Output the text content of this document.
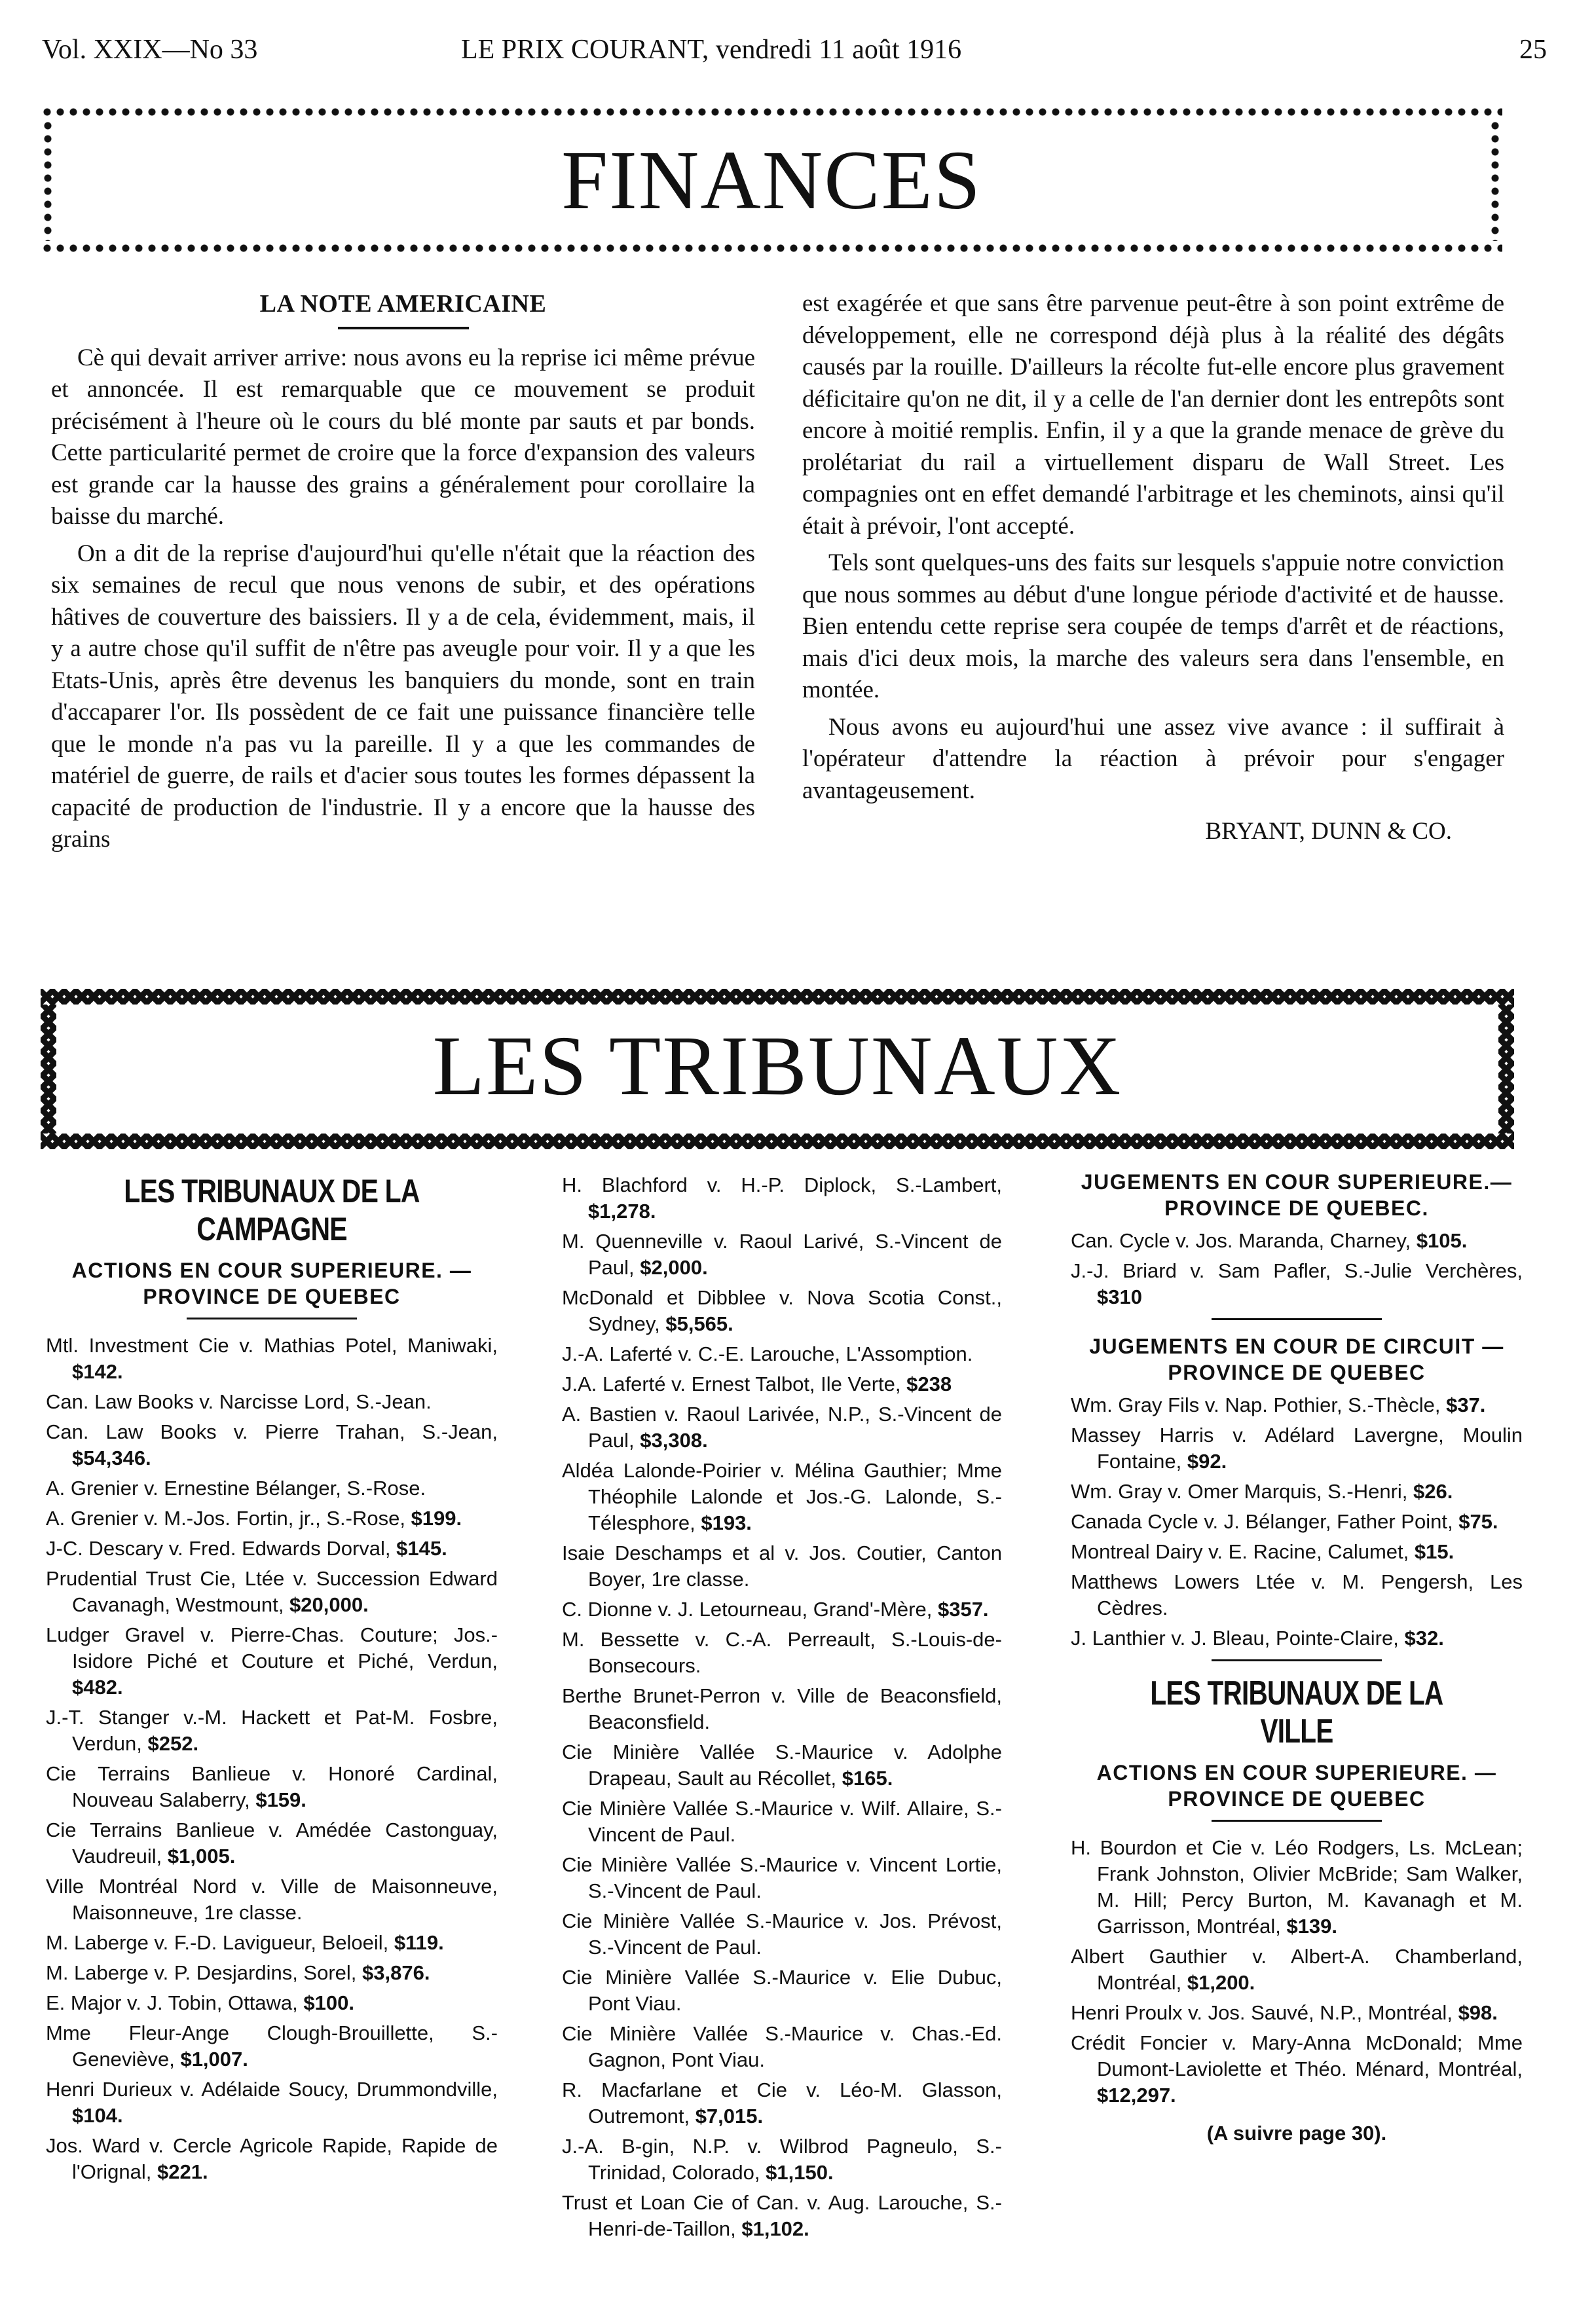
Vol. XXIX—No 33	LE PRIX COURANT, vendredi 11 août 1916	25
FINANCES
LA NOTE AMERICAINE

Cè qui devait arriver arrive: nous avons eu la reprise ici même prévue et annoncée. Il est remarquable que ce mouvement se produit précisément à l'heure où le cours du blé monte par sauts et par bonds. Cette particularité permet de croire que la force d'expansion des valeurs est grande car la hausse des grains a généralement pour corollaire la baisse du marché.

On a dit de la reprise d'aujourd'hui qu'elle n'était que la réaction des six semaines de recul que nous venons de subir, et des opérations hâtives de couverture des baissiers. Il y a de cela, évidemment, mais, il y a autre chose qu'il suffit de n'être pas aveugle pour voir. Il y a que les Etats-Unis, après être devenus les banquiers du monde, sont en train d'accaparer l'or. Ils possèdent de ce fait une puissance financière telle que le monde n'a pas vu la pareille. Il y a que les commandes de matériel de guerre, de rails et d'acier sous toutes les formes dépassent la capacité de production de l'industrie. Il y a encore que la hausse des grains

est exagérée et que sans être parvenue peut-être à son point extrême de développement, elle ne correspond déjà plus à la réalité des dégâts causés par la rouille. D'ailleurs la récolte fut-elle encore plus gravement déficitaire qu'on ne dit, il y a celle de l'an dernier dont les entrepôts sont encore à moitié remplis. Enfin, il y a que la grande menace de grève du prolétariat du rail a virtuellement disparu de Wall Street. Les compagnies ont en effet demandé l'arbitrage et les cheminots, ainsi qu'il était à prévoir, l'ont accepté.

Tels sont quelques-uns des faits sur lesquels s'appuie notre conviction que nous sommes au début d'une longue période d'activité et de hausse. Bien entendu cette reprise sera coupée de temps d'arrêt et de réactions, mais d'ici deux mois, la marche des valeurs sera dans l'ensemble, en montée.

Nous avons eu aujourd'hui une assez vive avance : il suffirait à l'opérateur d'attendre la réaction à prévoir pour s'engager avantageusement.

BRYANT, DUNN & CO.
LES TRIBUNAUX
LES TRIBUNAUX DE LA CAMPAGNE
ACTIONS EN COUR SUPERIEURE. — PROVINCE DE QUEBEC
Mtl. Investment Cie v. Mathias Potel, Maniwaki, $142.
Can. Law Books v. Narcisse Lord, S.-Jean.
Can. Law Books v. Pierre Trahan, S.-Jean, $54,346.
A. Grenier v. Ernestine Bélanger, S.-Rose.
A. Grenier v. M.-Jos. Fortin, jr., S.-Rose, $199.
J-C. Descary v. Fred. Edwards Dorval, $145.
Prudential Trust Cie, Ltée v. Succession Edward Cavanagh, Westmount, $20,000.
Ludger Gravel v. Pierre-Chas. Couture; Jos.-Isidore Piché et Couture et Piché, Verdun, $482.
J.-T. Stanger v.-M. Hackett et Pat-M. Fosbre, Verdun, $252.
Cie Terrains Banlieue v. Honoré Cardinal, Nouveau Salaberry, $159.
Cie Terrains Banlieue v. Amédée Castonguay, Vaudreuil, $1,005.
Ville Montréal Nord v. Ville de Maisonneuve, Maisonneuve, 1re classe.
M. Laberge v. F.-D. Lavigueur, Beloeil, $119.
M. Laberge v. P. Desjardins, Sorel, $3,876.
E. Major v. J. Tobin, Ottawa, $100.
Mme Fleur-Ange Clough-Brouillette, S.-Geneviève, $1,007.
Henri Durieux v. Adélaide Soucy, Drummondville, $104.
Jos. Ward v. Cercle Agricole Rapide, Rapide de l'Orignal, $221.
H. Blachford v. H.-P. Diplock, S.-Lambert, $1,278.
M. Quenneville v. Raoul Larivé, S.-Vincent de Paul, $2,000.
McDonald et Dibblee v. Nova Scotia Const., Sydney, $5,565.
J.-A. Laferté v. C.-E. Larouche, L'Assomption.
J.A. Laferté v. Ernest Talbot, Ile Verte, $238
A. Bastien v. Raoul Larivée, N.P., S.-Vincent de Paul, $3,308.
Aldéa Lalonde-Poirier v. Mélina Gauthier; Mme Théophile Lalonde et Jos.-G. Lalonde, S.-Télesphore, $193.
Isaie Deschamps et al v. Jos. Coutier, Canton Boyer, 1re classe.
C. Dionne v. J. Letourneau, Grand'-Mère, $357.
M. Bessette v. C.-A. Perreault, S.-Louis-de-Bonsecours.
Berthe Brunet-Perron v. Ville de Beaconsfield, Beaconsfield.
Cie Minière Vallée S.-Maurice v. Adolphe Drapeau, Sault au Récollet, $165.
Cie Minière Vallée S.-Maurice v. Wilf. Allaire, S.-Vincent de Paul.
Cie Minière Vallée S.-Maurice v. Vincent Lortie, S.-Vincent de Paul.
Cie Minière Vallée S.-Maurice v. Jos. Prévost, S.-Vincent de Paul.
Cie Minière Vallée S.-Maurice v. Elie Dubuc, Pont Viau.
Cie Minière Vallée S.-Maurice v. Chas.-Ed. Gagnon, Pont Viau.
R. Macfarlane et Cie v. Léo-M. Glasson, Outremont, $7,015.
J.-A. B-gin, N.P. v. Wilbrod Pagneulo, S.-Trinidad, Colorado, $1,150.
Trust et Loan Cie of Can. v. Aug. Larouche, S.-Henri-de-Taillon, $1,102.
JUGEMENTS EN COUR SUPERIEURE.—PROVINCE DE QUEBEC.
Can. Cycle v. Jos. Maranda, Charney, $105.
J.-J. Briard v. Sam Pafler, S.-Julie Verchères, $310
JUGEMENTS EN COUR DE CIRCUIT — PROVINCE DE QUEBEC
Wm. Gray Fils v. Nap. Pothier, S.-Thècle, $37.
Massey Harris v. Adélard Lavergne, Moulin Fontaine, $92.
Wm. Gray v. Omer Marquis, S.-Henri, $26.
Canada Cycle v. J. Bélanger, Father Point, $75.
Montreal Dairy v. E. Racine, Calumet, $15.
Matthews Lowers Ltée v. M. Pengersh, Les Cèdres.
J. Lanthier v. J. Bleau, Pointe-Claire, $32.
LES TRIBUNAUX DE LA VILLE
ACTIONS EN COUR SUPERIEURE. — PROVINCE DE QUEBEC
H. Bourdon et Cie v. Léo Rodgers, Ls. McLean; Frank Johnston, Olivier McBride; Sam Walker, M. Hill; Percy Burton, M. Kavanagh et M. Garrisson, Montréal, $139.
Albert Gauthier v. Albert-A. Chamberland, Montréal, $1,200.
Henri Proulx v. Jos. Sauvé, N.P., Montréal, $98.
Crédit Foncier v. Mary-Anna McDonald; Mme Dumont-Laviolette et Théo. Ménard, Montréal, $12,297.
(A suivre page 30).
